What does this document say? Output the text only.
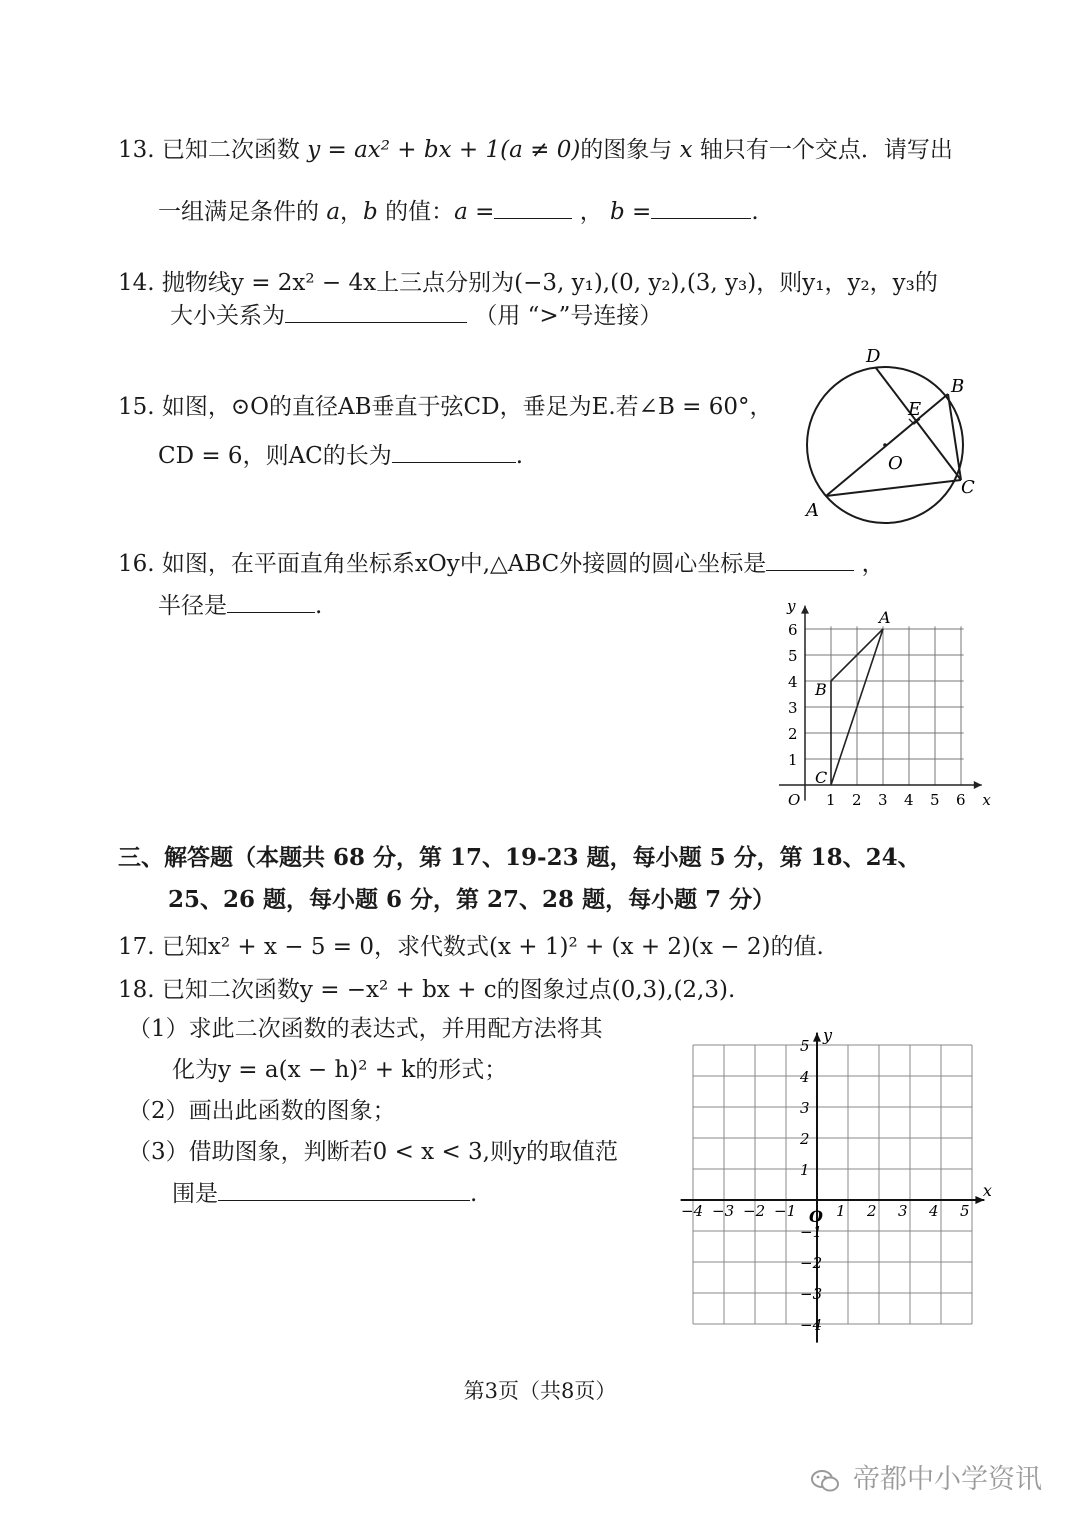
13. 已知二次函数 y = ax² + bx + 1(a ≠ 0)的图象与 x 轴只有一个交点．请写出
一组满足条件的 a，b 的值：a =	， b =	.
14. 抛物线y = 2x² − 4x上三点分别为(−3, y₁),(0, y₂),(3, y₃)，则y₁，y₂，y₃的
大小关系为	（用 “>”号连接）
15. 如图，⊙O的直径AB垂直于弦CD，垂足为E.若∠B = 60°，
CD = 6，则AC的长为	.
D
B
E
O
C
A
16. 如图，在平面直角坐标系xOy中,△ABC外接圆的圆心坐标是	，
半径是	.
1 2 3 4 5 6
1
2
3
4
5
6
O	x
y
A
B
C
三、解答题（本题共 68 分，第 17、19-23 题，每小题 5 分，第 18、24、
25、26 题，每小题 6 分，第 27、28 题，每小题 7 分）
17. 已知x² + x − 5 = 0，求代数式(x + 1)² + (x + 2)(x − 2)的值.
18. 已知二次函数y = −x² + bx + c的图象过点(0,3),(2,3).
（1）求此二次函数的表达式，并用配方法将其
化为y = a(x − h)² + k的形式；
（2）画出此函数的图象；
（3）借助图象，判断若0 < x < 3,则y的取值范
围是	.
−4 −3 −2 −1	1 2 3 4 5
5
4
3
2
1
−1
−2
−3
−4
O
x
y
第3页（共8页）
帝都中小学资讯
